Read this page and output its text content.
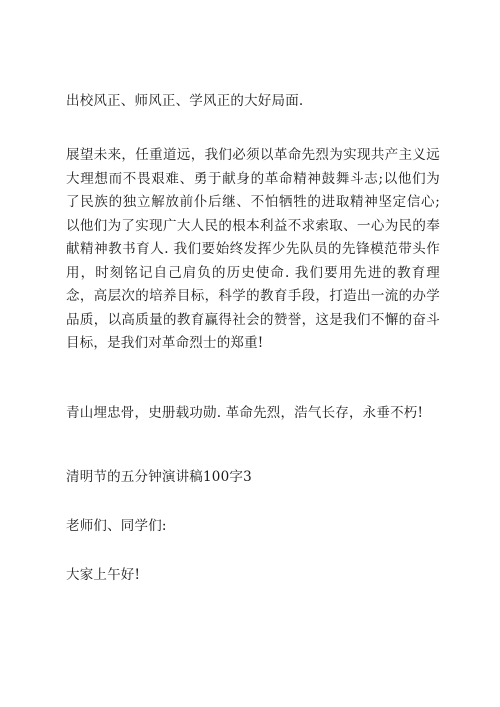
出校风正、师风正、学风正的大好局面.

展望未来，任重道远，我们必须以革命先烈为实现共产主义远大理想而不畏艰难、勇于献身的革命精神鼓舞斗志;以他们为了民族的独立解放前仆后继、不怕牺牲的进取精神坚定信心;以他们为了实现广大人民的根本利益不求索取、一心为民的奉献精神教书育人. 我们要始终发挥少先队员的先锋模范带头作用，时刻铭记自己肩负的历史使命. 我们要用先进的教育理念，高层次的培养目标，科学的教育手段，打造出一流的办学品质，以高质量的教育赢得社会的赞誉，这是我们不懈的奋斗目标，是我们对革命烈士的郑重!

青山埋忠骨，史册载功勋. 革命先烈，浩气长存，永垂不朽!

清明节的五分钟演讲稿100字3

老师们、同学们:

大家上午好!
